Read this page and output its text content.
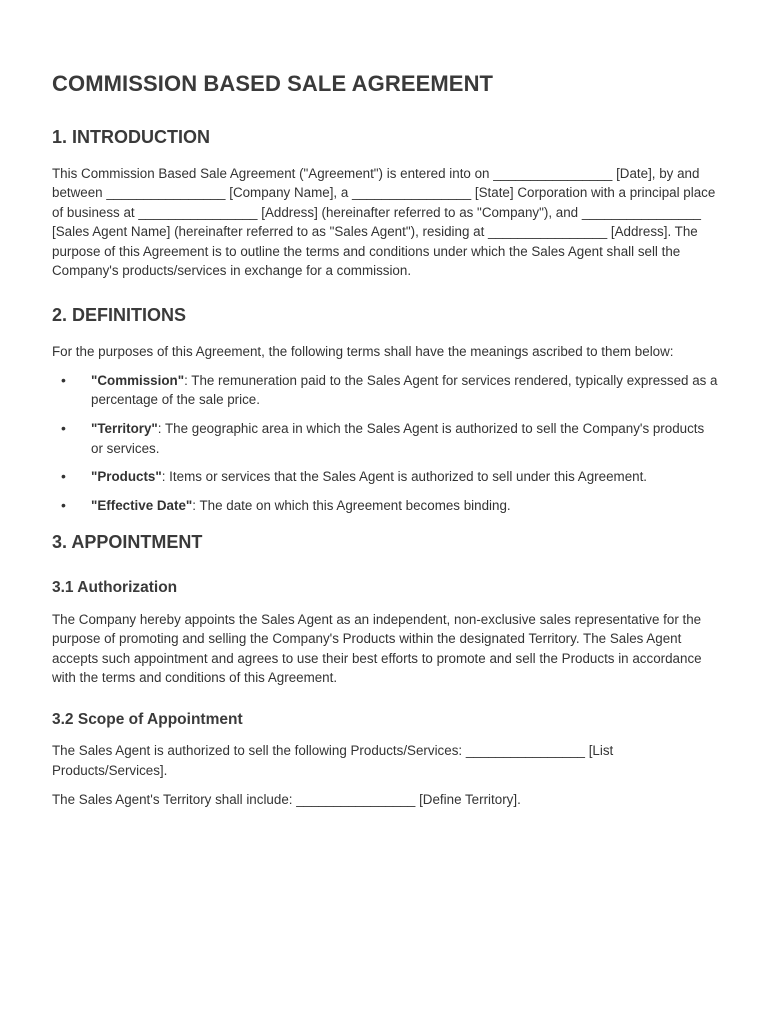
COMMISSION BASED SALE AGREEMENT
1. INTRODUCTION

This Commission Based Sale Agreement ("Agreement") is entered into on ________________ [Date], by and between ________________ [Company Name], a ________________ [State] Corporation with a principal place of business at ________________ [Address] (hereinafter referred to as "Company"), and ________________ [Sales Agent Name] (hereinafter referred to as "Sales Agent"), residing at ________________ [Address]. The purpose of this Agreement is to outline the terms and conditions under which the Sales Agent shall sell the Company's products/services in exchange for a commission.

2. DEFINITIONS

For the purposes of this Agreement, the following terms shall have the meanings ascribed to them below:

• "Commission": The remuneration paid to the Sales Agent for services rendered, typically expressed as a percentage of the sale price.
• "Territory": The geographic area in which the Sales Agent is authorized to sell the Company's products or services.
• "Products": Items or services that the Sales Agent is authorized to sell under this Agreement.
• "Effective Date": The date on which this Agreement becomes binding.
3. APPOINTMENT
3.1 Authorization

The Company hereby appoints the Sales Agent as an independent, non-exclusive sales representative for the purpose of promoting and selling the Company's Products within the designated Territory. The Sales Agent accepts such appointment and agrees to use their best efforts to promote and sell the Products in accordance with the terms and conditions of this Agreement.

3.2 Scope of Appointment

The Sales Agent is authorized to sell the following Products/Services: ________________ [List Products/Services].

The Sales Agent's Territory shall include: ________________ [Define Territory].
